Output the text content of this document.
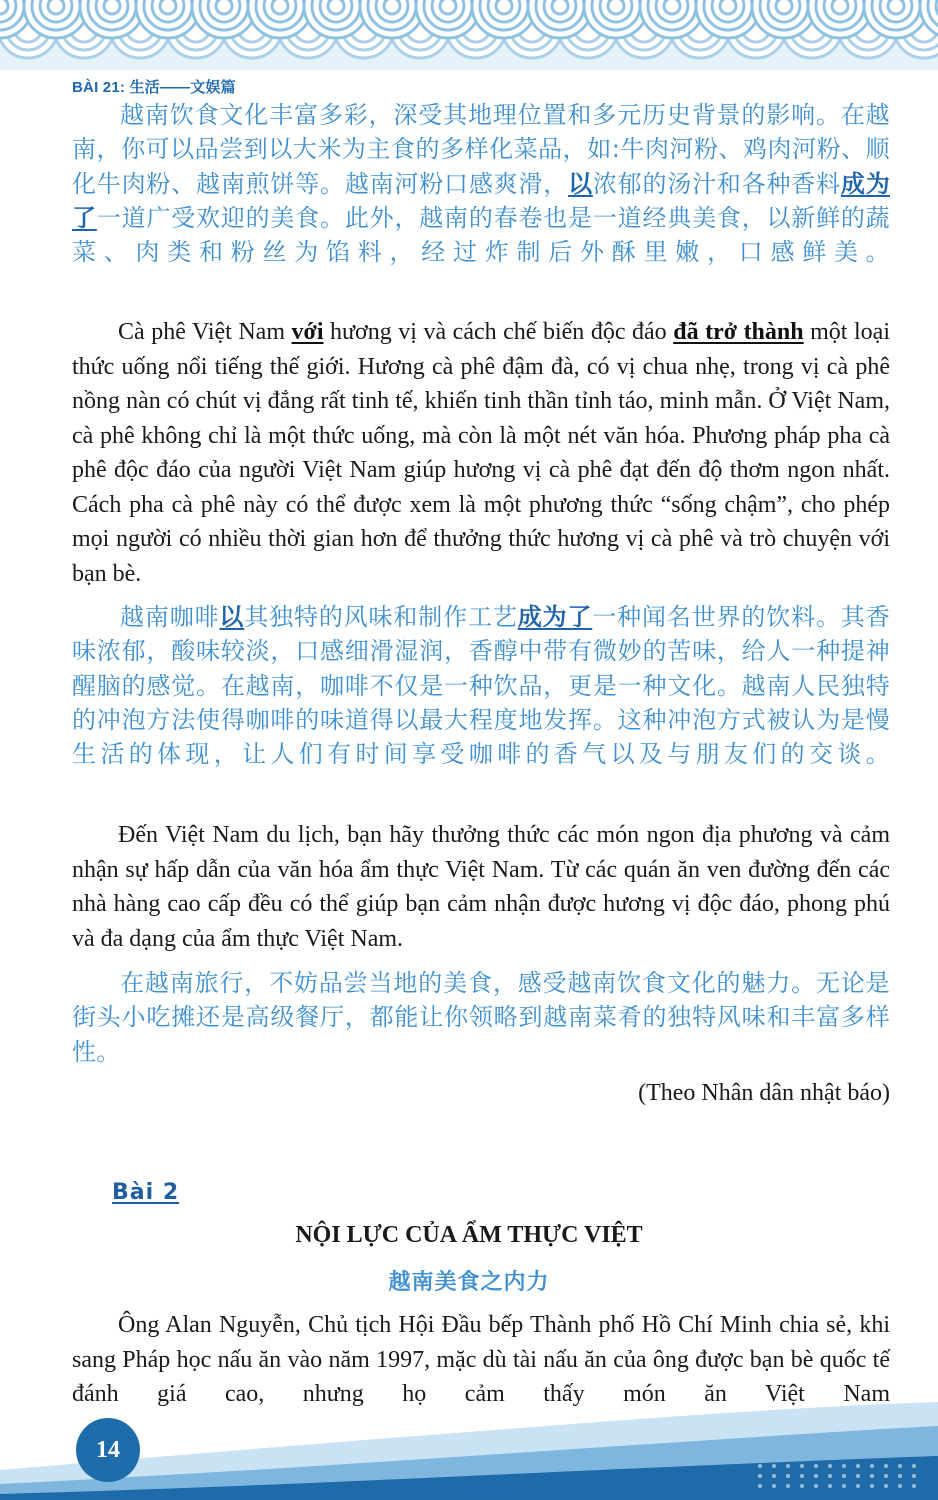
BÀI 21: 生活——文娱篇

越南饮食文化丰富多彩，深受其地理位置和多元历史背景的影响。在越南，你可以品尝到以大米为主食的多样化菜品，如:牛肉河粉、鸡肉河粉、顺化牛肉粉、越南煎饼等。越南河粉口感爽滑，以浓郁的汤汁和各种香料成为了一道广受欢迎的美食。此外，越南的春卷也是一道经典美食，以新鲜的蔬菜、肉类和粉丝为馅料，经过炸制后外酥里嫩，口感鲜美。

Cà phê Việt Nam với hương vị và cách chế biến độc đáo đã trở thành một loại thức uống nổi tiếng thế giới. Hương cà phê đậm đà, có vị chua nhẹ, trong vị cà phê nồng nàn có chút vị đắng rất tinh tế, khiến tinh thần tỉnh táo, minh mẫn. Ở Việt Nam, cà phê không chỉ là một thức uống, mà còn là một nét văn hóa. Phương pháp pha cà phê độc đáo của người Việt Nam giúp hương vị cà phê đạt đến độ thơm ngon nhất. Cách pha cà phê này có thể được xem là một phương thức “sống chậm”, cho phép mọi người có nhiều thời gian hơn để thưởng thức hương vị cà phê và trò chuyện với bạn bè.

越南咖啡以其独特的风味和制作工艺成为了一种闻名世界的饮料。其香味浓郁，酸味较淡，口感细滑湿润，香醇中带有微妙的苦味，给人一种提神醒脑的感觉。在越南，咖啡不仅是一种饮品，更是一种文化。越南人民独特的冲泡方法使得咖啡的味道得以最大程度地发挥。这种冲泡方式被认为是慢生活的体现，让人们有时间享受咖啡的香气以及与朋友们的交谈。

Đến Việt Nam du lịch, bạn hãy thưởng thức các món ngon địa phương và cảm nhận sự hấp dẫn của văn hóa ẩm thực Việt Nam. Từ các quán ăn ven đường đến các nhà hàng cao cấp đều có thể giúp bạn cảm nhận được hương vị độc đáo, phong phú và đa dạng của ẩm thực Việt Nam.

在越南旅行，不妨品尝当地的美食，感受越南饮食文化的魅力。无论是街头小吃摊还是高级餐厅，都能让你领略到越南菜肴的独特风味和丰富多样性。

(Theo Nhân dân nhật báo)
Bài 2
NỘI LỰC CỦA ẨM THỰC VIỆT
越南美食之内力

Ông Alan Nguyễn, Chủ tịch Hội Đầu bếp Thành phố Hồ Chí Minh chia sẻ, khi sang Pháp học nấu ăn vào năm 1997, mặc dù tài nấu ăn của ông được bạn bè quốc tế đánh giá cao, nhưng họ cảm thấy món ăn Việt Nam

14
